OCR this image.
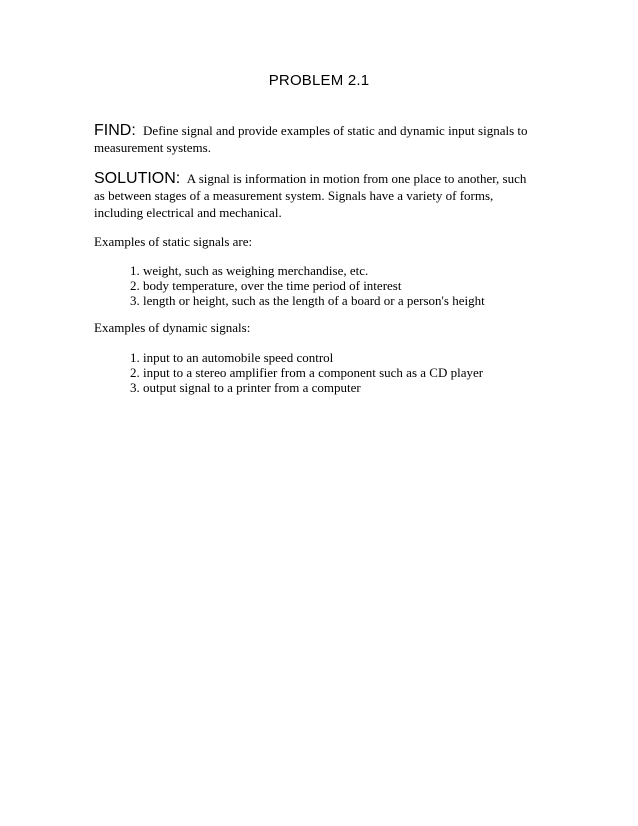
PROBLEM 2.1
FIND: Define signal and provide examples of static and dynamic input signals to measurement systems.
SOLUTION: A signal is information in motion from one place to another, such as between stages of a measurement system. Signals have a variety of forms, including electrical and mechanical.
Examples of static signals are:
1. weight, such as weighing merchandise, etc.
2. body temperature, over the time period of interest
3. length or height, such as the length of a board or a person's height
Examples of dynamic signals:
1. input to an automobile speed control
2. input to a stereo amplifier from a component such as a CD player
3. output signal to a printer from a computer
